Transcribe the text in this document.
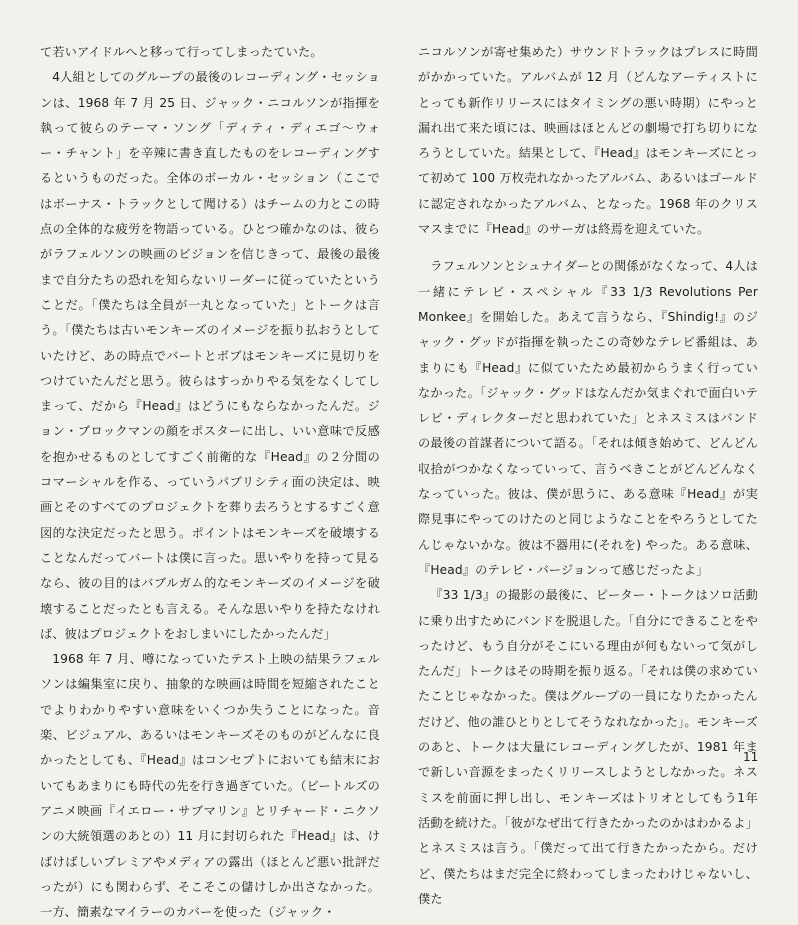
て若いアイドルへと移って行ってしまったていた。

4人組としてのグループの最後のレコーディング・セッションは、1968 年 7 月 25 日、ジャック・ニコルソンが指揮を執って彼らのテーマ・ソング「ディティ・ディエゴ〜ウォー・チャント」を辛辣に書き直したものをレコーディングするというものだった。全体のボーカル・セッション（ここではボーナス・トラックとして聞ける）はチームの力とこの時点の全体的な疲労を物語っている。ひとつ確かなのは、彼らがラフェルソンの映画のビジョンを信じきって、最後の最後まで自分たちの恐れを知らないリーダーに従っていたということだ。「僕たちは全員が一丸となっていた」とトークは言う。「僕たちは古いモンキーズのイメージを振り払おうとしていたけど、あの時点でバートとボブはモンキーズに見切りをつけていたんだと思う。彼らはすっかりやる気をなくしてしまって、だから『Head』はどうにもならなかったんだ。ジョン・ブロックマンの顔をポスターに出し、いい意味で反感を抱かせるものとしてすごく前衛的な『Head』の２分間のコマーシャルを作る、っていうパブリシティ面の決定は、映画とそのすべてのプロジェクトを葬り去ろうとするすごく意図的な決定だったと思う。ポイントはモンキーズを破壊することなんだってバートは僕に言った。思いやりを持って見るなら、彼の目的はバブルガム的なモンキーズのイメージを破壊することだったとも言える。そんな思いやりを持たなければ、彼はプロジェクトをおしまいにしたかったんだ」

1968 年 7 月、噂になっていたテスト上映の結果ラフェルソンは編集室に戻り、抽象的な映画は時間を短縮されたことでよりわかりやすい意味をいくつか失うことになった。音楽、ビジュアル、あるいはモンキーズそのものがどんなに良かったとしても、『Head』はコンセプトにおいても結末においてもあまりにも時代の先を行き過ぎていた。（ビートルズのアニメ映画『イエロー・サブマリン』とリチャード・ニクソンの大統領選のあとの）11 月に封切られた『Head』は、けばけばしいプレミアやメディアの露出（ほとんど悪い批評だったが）にも関わらず、そこそこの儲けしか出さなかった。一方、簡素なマイラーのカバーを使った（ジャック・

ニコルソンが寄せ集めた）サウンドトラックはプレスに時間がかかっていた。アルバムが 12 月（どんなアーティストにとっても新作リリースにはタイミングの悪い時期）にやっと漏れ出て来た頃には、映画はほとんどの劇場で打ち切りになろうとしていた。結果として、『Head』はモンキーズにとって初めて 100 万枚売れなかったアルバム、あるいはゴールドに認定されなかったアルバム、となった。1968 年のクリスマスまでに『Head』のサーガは終焉を迎えていた。

ラフェルソンとシュナイダーとの関係がなくなって、4人は一緒にテレビ・スペシャル『33 1/3 Revolutions Per Monkee』を開始した。あえて言うなら、『Shindig!』のジャック・グッドが指揮を執ったこの奇妙なテレビ番組は、あまりにも『Head』に似ていたため最初からうまく行っていなかった。「ジャック・グッドはなんだか気まぐれで面白いテレビ・ディレクターだと思われていた」とネスミスはバンドの最後の首謀者について語る。「それは傾き始めて、どんどん収拾がつかなくなっていって、言うべきことがどんどんなくなっていった。彼は、僕が思うに、ある意味『Head』が実際見事にやってのけたのと同じようなことをやろうとしてたんじゃないかな。彼は不器用に(それを) やった。ある意味、『Head』のテレビ・バージョンって感じだったよ」

『33 1/3』の撮影の最後に、ピーター・トークはソロ活動に乗り出すためにバンドを脱退した。「自分にできることをやったけど、もう自分がそこにいる理由が何もないって気がしたんだ」トークはその時期を振り返る。「それは僕の求めていたことじゃなかった。僕はグループの一員になりたかったんだけど、他の誰ひとりとしてそうなれなかった」。モンキーズのあと、トークは大量にレコーディングしたが、1981 年まで新しい音源をまったくリリースしようとしなかった。ネスミスを前面に押し出し、モンキーズはトリオとしてもう1年活動を続けた。「彼がなぜ出て行きたかったのかはわかるよ」とネスミスは言う。「僕だって出て行きたかったから。だけど、僕たちはまだ完全に終わってしまったわけじゃないし、僕た

11
